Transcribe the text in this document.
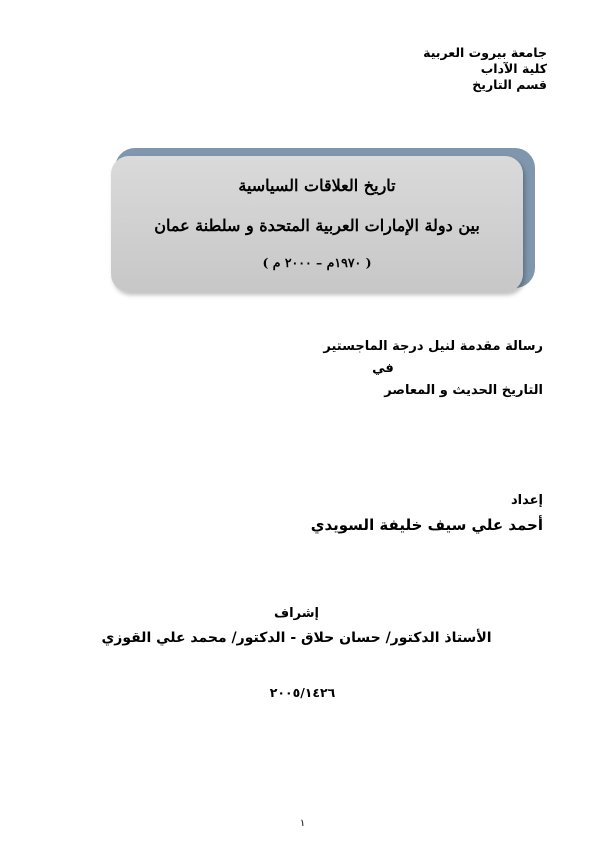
جامعة بيروت العربية
كلية الآداب
قسم التاريخ
تاريخ العلاقات السياسية
بين دولة الإمارات العربية المتحدة و سلطنة عمان
( ١٩٧٠م – ٢٠٠٠ م )
رسالة مقدمة لنيل درجة الماجستير
في
التاريخ الحديث و المعاصر
إعداد
أحمد علي سيف خليفة السويدي
إشراف
الأستاذ الدكتور/ حسان حلاق - الدكتور/ محمد علي القوزي
٢٠٠٥/١٤٢٦
١
